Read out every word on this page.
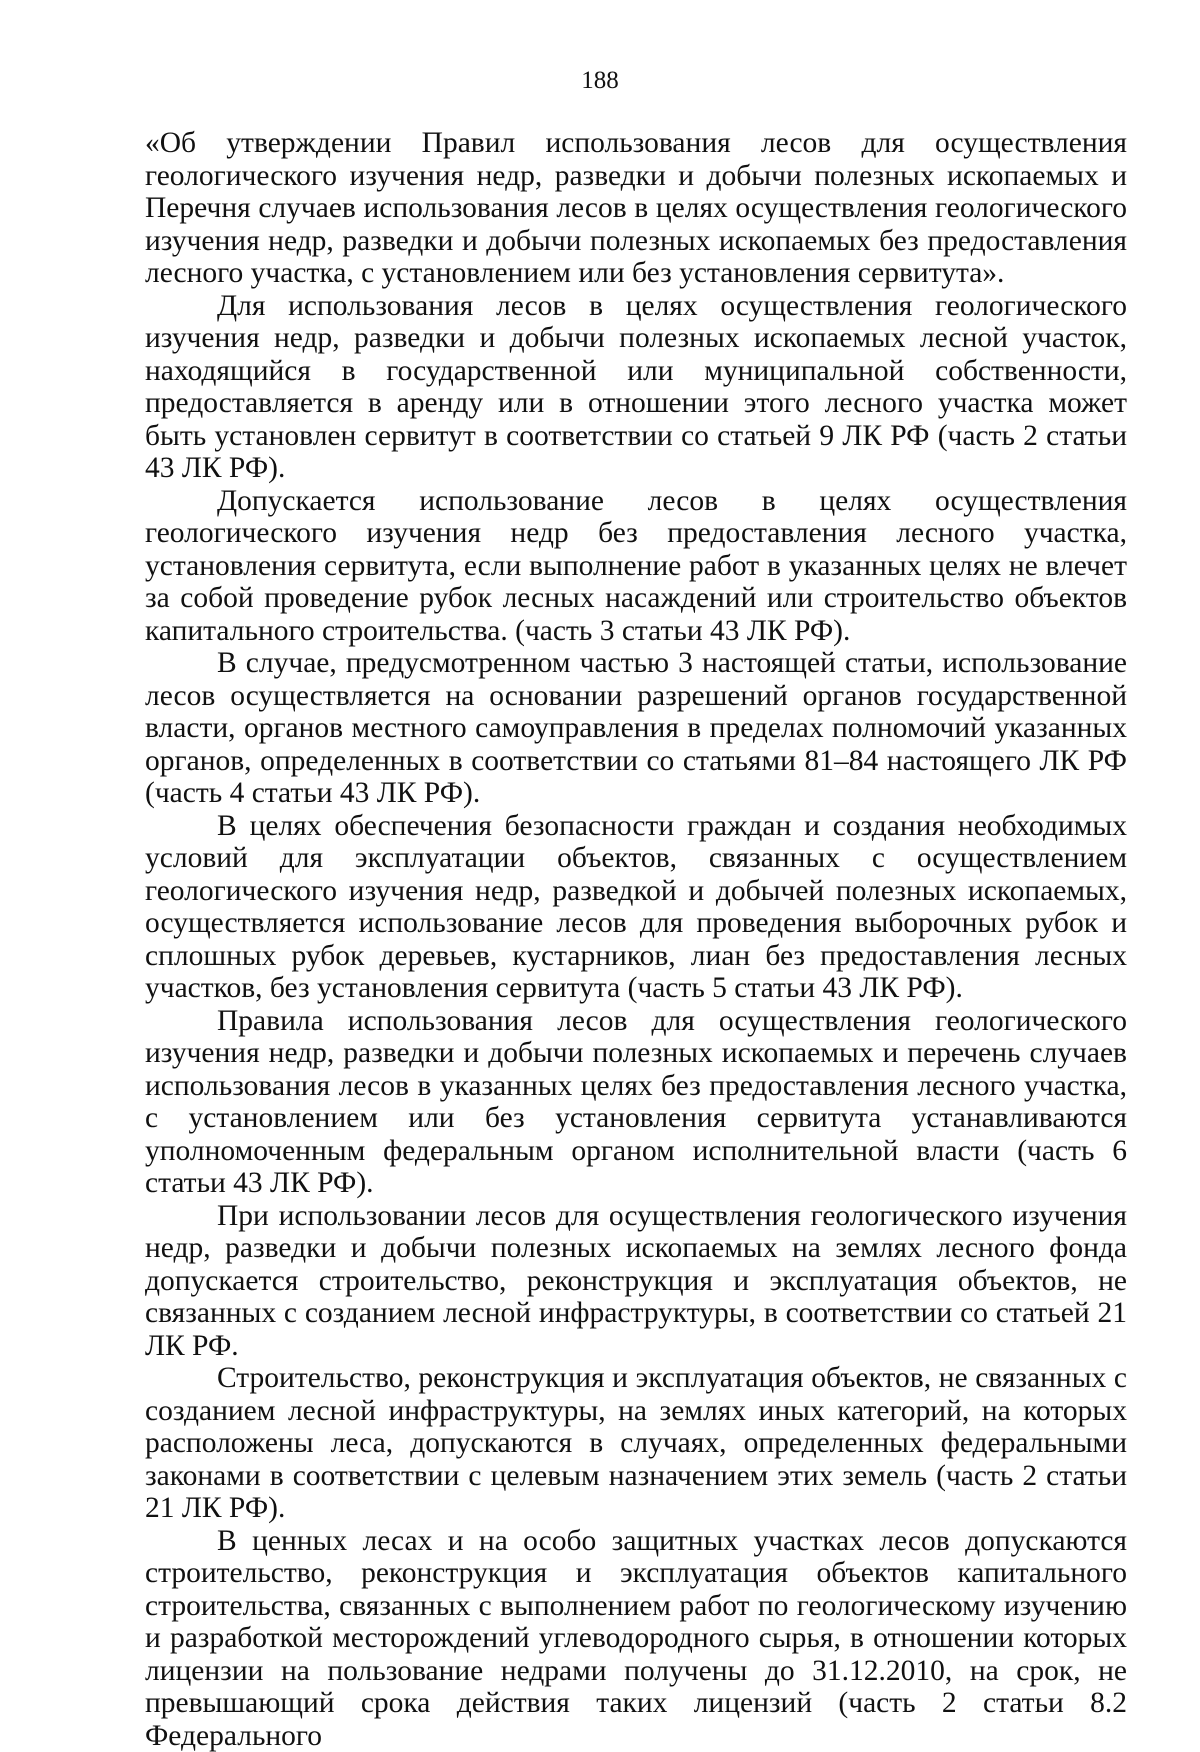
188

«Об утверждении Правил использования лесов для осуществления геологического изучения недр, разведки и добычи полезных ископаемых и Перечня случаев использования лесов в целях осуществления геологического изучения недр, разведки и добычи полезных ископаемых без предоставления лесного участка, с установлением или без установления сервитута».

Для использования лесов в целях осуществления геологического изучения недр, разведки и добычи полезных ископаемых лесной участок, находящийся в государственной или муниципальной собственности, предоставляется в аренду или в отношении этого лесного участка может быть установлен сервитут в соответствии со статьей 9 ЛК РФ (часть 2 статьи 43 ЛК РФ).

Допускается использование лесов в целях осуществления геологического изучения недр без предоставления лесного участка, установления сервитута, если выполнение работ в указанных целях не влечет за собой проведение рубок лесных насаждений или строительство объектов капитального строительства. (часть 3 статьи 43 ЛК РФ).

В случае, предусмотренном частью 3 настоящей статьи, использование лесов осуществляется на основании разрешений органов государственной власти, органов местного самоуправления в пределах полномочий указанных органов, определенных в соответствии со статьями 81–84 настоящего ЛК РФ (часть 4 статьи 43 ЛК РФ).

В целях обеспечения безопасности граждан и создания необходимых условий для эксплуатации объектов, связанных с осуществлением геологического изучения недр, разведкой и добычей полезных ископаемых, осуществляется использование лесов для проведения выборочных рубок и сплошных рубок деревьев, кустарников, лиан без предоставления лесных участков, без установления сервитута (часть 5 статьи 43 ЛК РФ).

Правила использования лесов для осуществления геологического изучения недр, разведки и добычи полезных ископаемых и перечень случаев использования лесов в указанных целях без предоставления лесного участка, с установлением или без установления сервитута устанавливаются уполномоченным федеральным органом исполнительной власти (часть 6 статьи 43 ЛК РФ).

При использовании лесов для осуществления геологического изучения недр, разведки и добычи полезных ископаемых на землях лесного фонда допускается строительство, реконструкция и эксплуатация объектов, не связанных с созданием лесной инфраструктуры, в соответствии со статьей 21 ЛК РФ.

Строительство, реконструкция и эксплуатация объектов, не связанных с созданием лесной инфраструктуры, на землях иных категорий, на которых расположены леса, допускаются в случаях, определенных федеральными законами в соответствии с целевым назначением этих земель (часть 2 статьи 21 ЛК РФ).

В ценных лесах и на особо защитных участках лесов допускаются строительство, реконструкция и эксплуатация объектов капитального строительства, связанных с выполнением работ по геологическому изучению и разработкой месторождений углеводородного сырья, в отношении которых лицензии на пользование недрами получены до 31.12.2010, на срок, не превышающий срока действия таких лицензий (часть 2 статьи 8.2 Федерального
